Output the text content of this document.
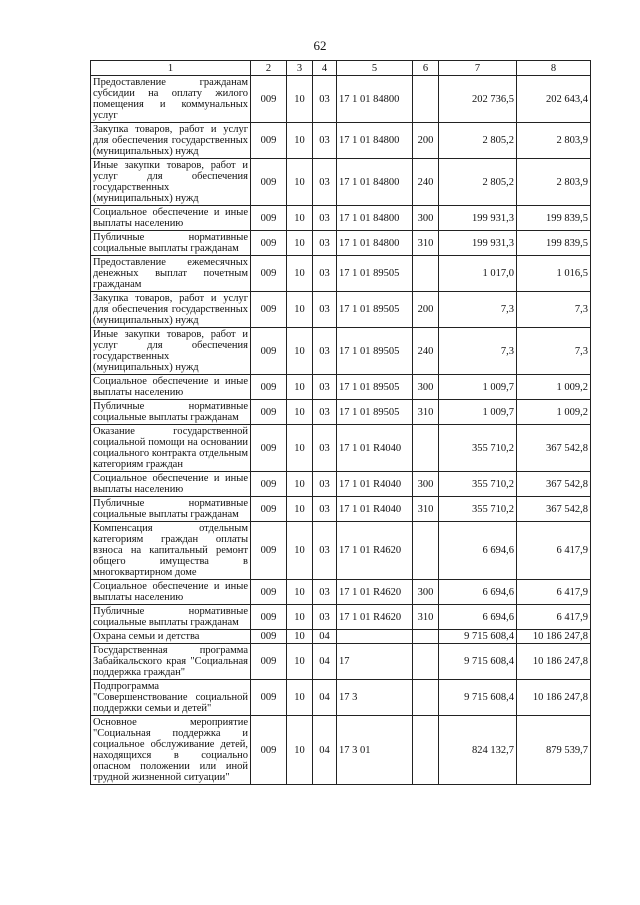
62
1	2	3	4	5	6	7	8
Предоставление гражданам субсидии на оплату жилого помещения и коммунальных услуг	009	10	03	17 1 01 84800		202 736,5	202 643,4
Закупка товаров, работ и услуг для обеспечения государственных (муниципальных) нужд	009	10	03	17 1 01 84800	200	2 805,2	2 803,9
Иные закупки товаров, работ и услуг для обеспечения государственных (муниципальных) нужд	009	10	03	17 1 01 84800	240	2 805,2	2 803,9
Социальное обеспечение и иные выплаты населению	009	10	03	17 1 01 84800	300	199 931,3	199 839,5
Публичные нормативные социальные выплаты гражданам	009	10	03	17 1 01 84800	310	199 931,3	199 839,5
Предоставление ежемесячных денежных выплат почетным гражданам	009	10	03	17 1 01 89505		1 017,0	1 016,5
Закупка товаров, работ и услуг для обеспечения государственных (муниципальных) нужд	009	10	03	17 1 01 89505	200	7,3	7,3
Иные закупки товаров, работ и услуг для обеспечения государственных (муниципальных) нужд	009	10	03	17 1 01 89505	240	7,3	7,3
Социальное обеспечение и иные выплаты населению	009	10	03	17 1 01 89505	300	1 009,7	1 009,2
Публичные нормативные социальные выплаты гражданам	009	10	03	17 1 01 89505	310	1 009,7	1 009,2
Оказание государственной социальной помощи на основании социального контракта отдельным категориям граждан	009	10	03	17 1 01 R4040		355 710,2	367 542,8
Социальное обеспечение и иные выплаты населению	009	10	03	17 1 01 R4040	300	355 710,2	367 542,8
Публичные нормативные социальные выплаты гражданам	009	10	03	17 1 01 R4040	310	355 710,2	367 542,8
Компенсация отдельным категориям граждан оплаты взноса на капитальный ремонт общего имущества в многоквартирном доме	009	10	03	17 1 01 R4620		6 694,6	6 417,9
Социальное обеспечение и иные выплаты населению	009	10	03	17 1 01 R4620	300	6 694,6	6 417,9
Публичные нормативные социальные выплаты гражданам	009	10	03	17 1 01 R4620	310	6 694,6	6 417,9
Охрана семьи и детства	009	10	04			9 715 608,4	10 186 247,8
Государственная программа Забайкальского края "Социальная поддержка граждан"	009	10	04	17		9 715 608,4	10 186 247,8
Подпрограмма "Совершенствование социальной поддержки семьи и детей"	009	10	04	17 3		9 715 608,4	10 186 247,8
Основное мероприятие "Социальная поддержка и социальное обслуживание детей, находящихся в социально опасном положении или иной трудной жизненной ситуации"	009	10	04	17 3 01		824 132,7	879 539,7
